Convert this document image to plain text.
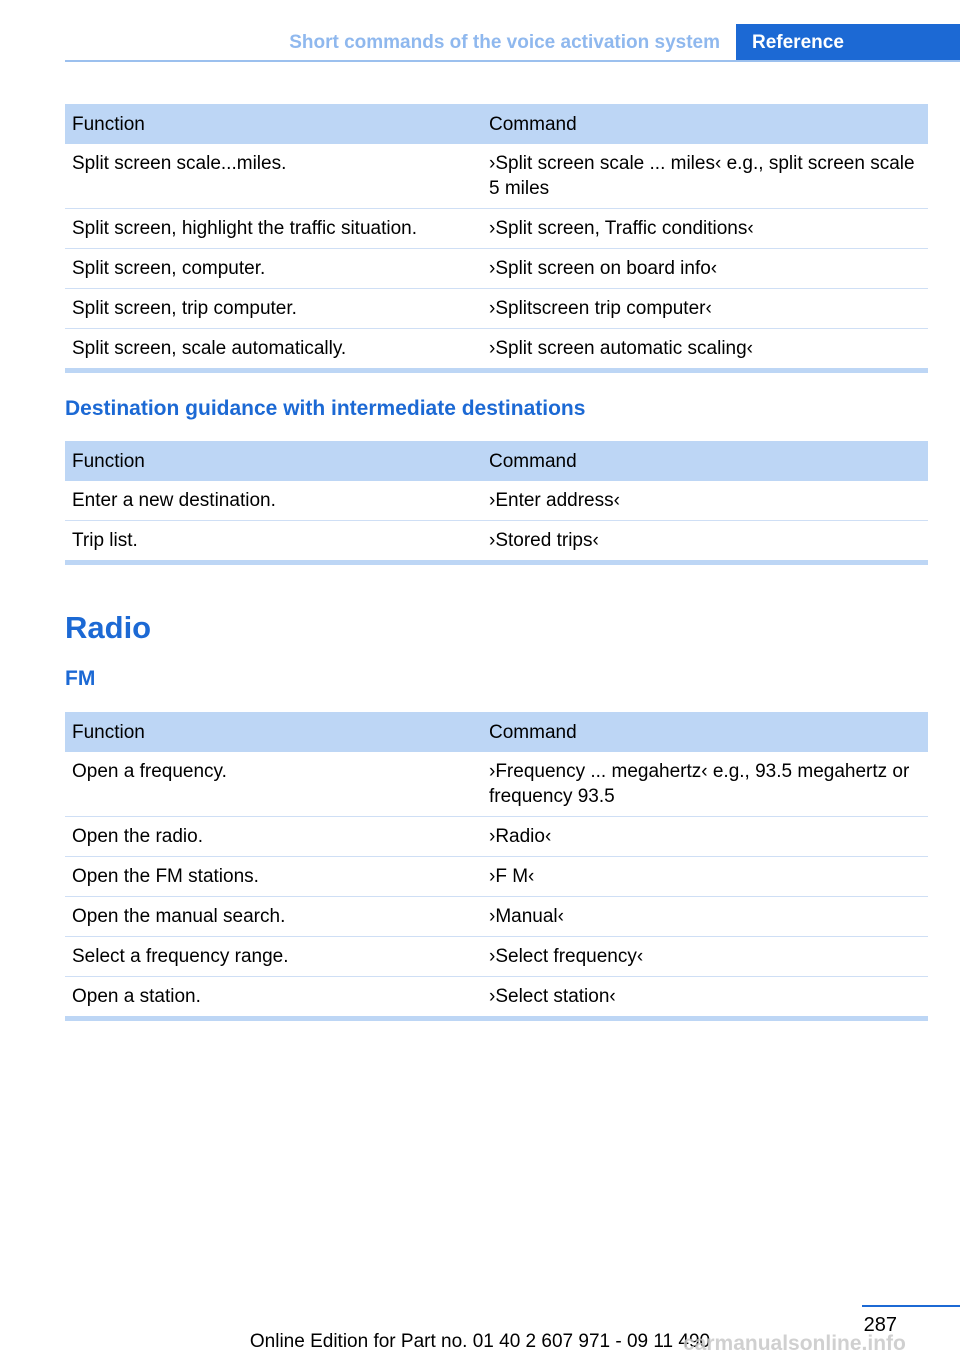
Short commands of the voice activation system	Reference
Function	Command
Split screen scale...miles.	›Split screen scale ... miles‹ e.g., split screen scale 5 miles
Split screen, highlight the traffic situation.	›Split screen, Traffic conditions‹
Split screen, computer.	›Split screen on board info‹
Split screen, trip computer.	›Splitscreen trip computer‹
Split screen, scale automatically.	›Split screen automatic scaling‹
Destination guidance with intermediate destinations
Function	Command
Enter a new destination.	›Enter address‹
Trip list.	›Stored trips‹
Radio
FM
Function	Command
Open a frequency.	›Frequency ... megahertz‹ e.g., 93.5 megahertz or frequency 93.5
Open the radio.	›Radio‹
Open the FM stations.	›F M‹
Open the manual search.	›Manual‹
Select a frequency range.	›Select frequency‹
Open a station.	›Select station‹
287
Online Edition for Part no. 01 40 2 607 971 - 09 11 490
carmanualsonline.info
